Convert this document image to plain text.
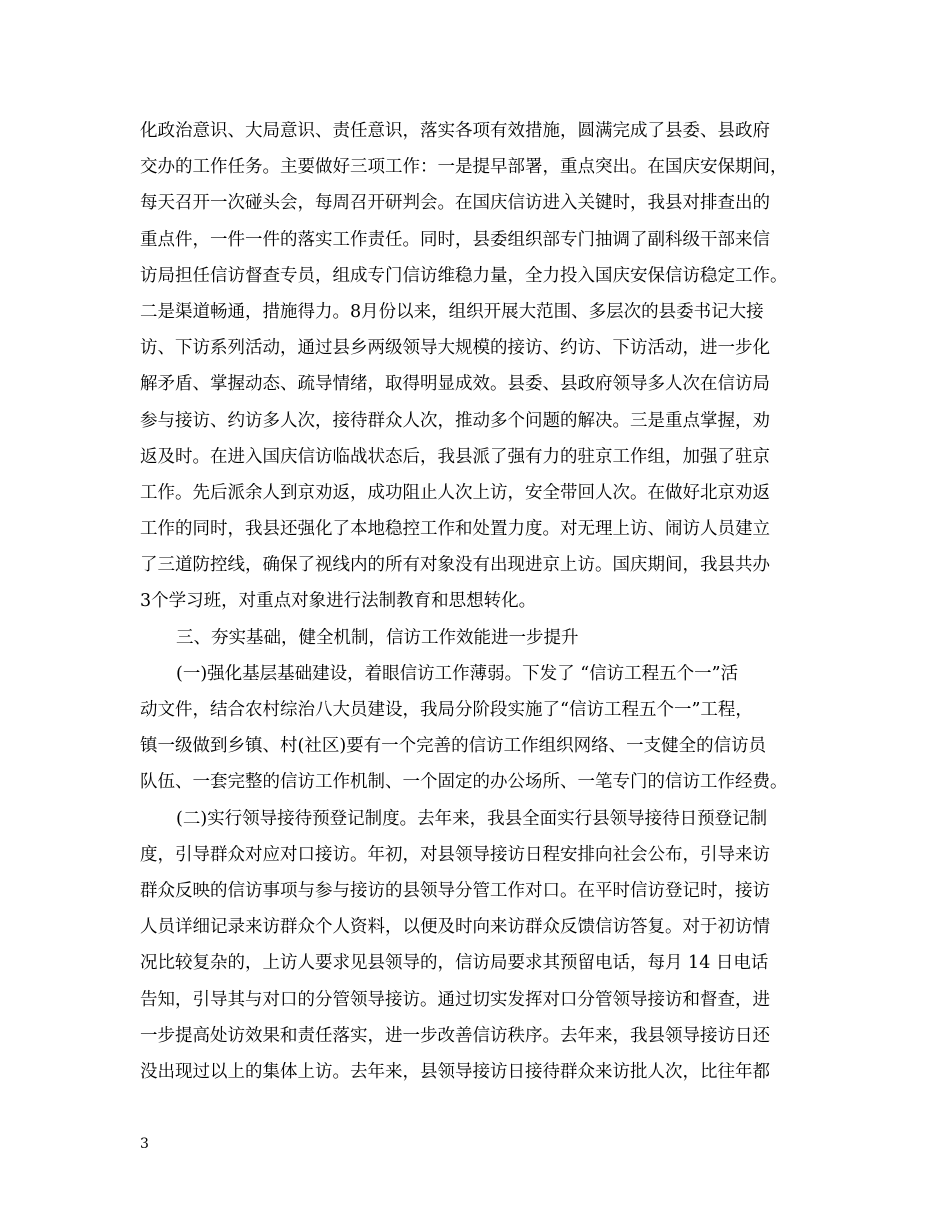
化政治意识、大局意识、责任意识，落实各项有效措施，圆满完成了县委、县政府
交办的工作任务。主要做好三项工作：一是提早部署，重点突出。在国庆安保期间，
每天召开一次碰头会，每周召开研判会。在国庆信访进入关键时，我县对排查出的
重点件，一件一件的落实工作责任。同时，县委组织部专门抽调了副科级干部来信
访局担任信访督查专员，组成专门信访维稳力量，全力投入国庆安保信访稳定工作。
二是渠道畅通，措施得力。8月份以来，组织开展大范围、多层次的县委书记大接
访、下访系列活动，通过县乡两级领导大规模的接访、约访、下访活动，进一步化
解矛盾、掌握动态、疏导情绪，取得明显成效。县委、县政府领导多人次在信访局
参与接访、约访多人次，接待群众人次，推动多个问题的解决。三是重点掌握，劝
返及时。在进入国庆信访临战状态后，我县派了强有力的驻京工作组，加强了驻京
工作。先后派余人到京劝返，成功阻止人次上访，安全带回人次。在做好北京劝返
工作的同时，我县还强化了本地稳控工作和处置力度。对无理上访、闹访人员建立
了三道防控线，确保了视线内的所有对象没有出现进京上访。国庆期间，我县共办
3个学习班，对重点对象进行法制教育和思想转化。
三、夯实基础，健全机制，信访工作效能进一步提升
(一)强化基层基础建设，着眼信访工作薄弱。下发了 “信访工程五个一”活
动文件，结合农村综治八大员建设，我局分阶段实施了“信访工程五个一”工程，
镇一级做到乡镇、村(社区)要有一个完善的信访工作组织网络、一支健全的信访员
队伍、一套完整的信访工作机制、一个固定的办公场所、一笔专门的信访工作经费。
(二)实行领导接待预登记制度。去年来，我县全面实行县领导接待日预登记制
度，引导群众对应对口接访。年初，对县领导接访日程安排向社会公布，引导来访
群众反映的信访事项与参与接访的县领导分管工作对口。在平时信访登记时，接访
人员详细记录来访群众个人资料，以便及时向来访群众反馈信访答复。对于初访情
况比较复杂的，上访人要求见县领导的，信访局要求其预留电话，每月 14 日电话
告知，引导其与对口的分管领导接访。通过切实发挥对口分管领导接访和督查，进
一步提高处访效果和责任落实，进一步改善信访秩序。去年来，我县领导接访日还
没出现过以上的集体上访。去年来，县领导接访日接待群众来访批人次，比往年都
3
